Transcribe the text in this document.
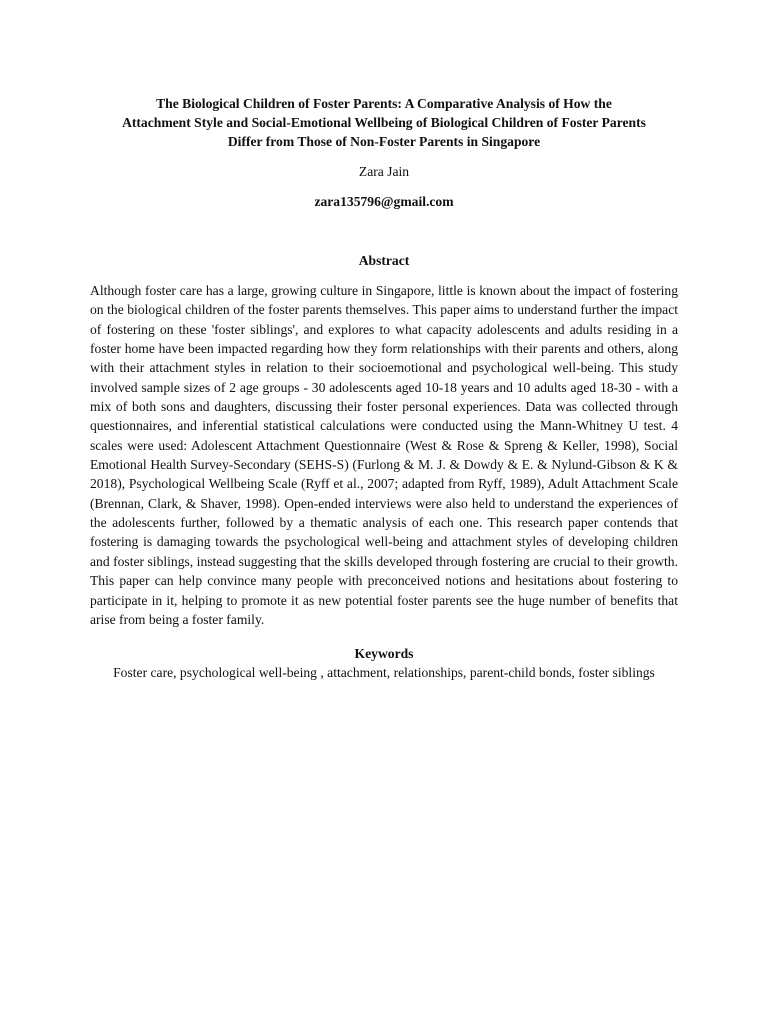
The Biological Children of Foster Parents: A Comparative Analysis of How the
Attachment Style and Social-Emotional Wellbeing of Biological Children of Foster Parents
Differ from Those of Non-Foster Parents in Singapore

Zara Jain

zara135796@gmail.com

Abstract

Although foster care has a large, growing culture in Singapore, little is known about the impact of fostering on the biological children of the foster parents themselves. This paper aims to understand further the impact of fostering on these 'foster siblings', and explores to what capacity adolescents and adults residing in a foster home have been impacted regarding how they form relationships with their parents and others, along with their attachment styles in relation to their socioemotional and psychological well-being. This study involved sample sizes of 2 age groups - 30 adolescents aged 10-18 years and 10 adults aged 18-30 - with a mix of both sons and daughters, discussing their foster personal experiences. Data was collected through questionnaires, and inferential statistical calculations were conducted using the Mann-Whitney U test. 4 scales were used: Adolescent Attachment Questionnaire (West & Rose & Spreng & Keller, 1998), Social Emotional Health Survey-Secondary (SEHS-S) (Furlong & M. J. & Dowdy & E. & Nylund-Gibson & K & 2018), Psychological Wellbeing Scale (Ryff et al., 2007; adapted from Ryff, 1989), Adult Attachment Scale (Brennan, Clark, & Shaver, 1998). Open-ended interviews were also held to understand the experiences of the adolescents further, followed by a thematic analysis of each one. This research paper contends that fostering is damaging towards the psychological well-being and attachment styles of developing children and foster siblings, instead suggesting that the skills developed through fostering are crucial to their growth. This paper can help convince many people with preconceived notions and hesitations about fostering to participate in it, helping to promote it as new potential foster parents see the huge number of benefits that arise from being a foster family.

Keywords

Foster care, psychological well-being , attachment, relationships, parent-child bonds, foster siblings
